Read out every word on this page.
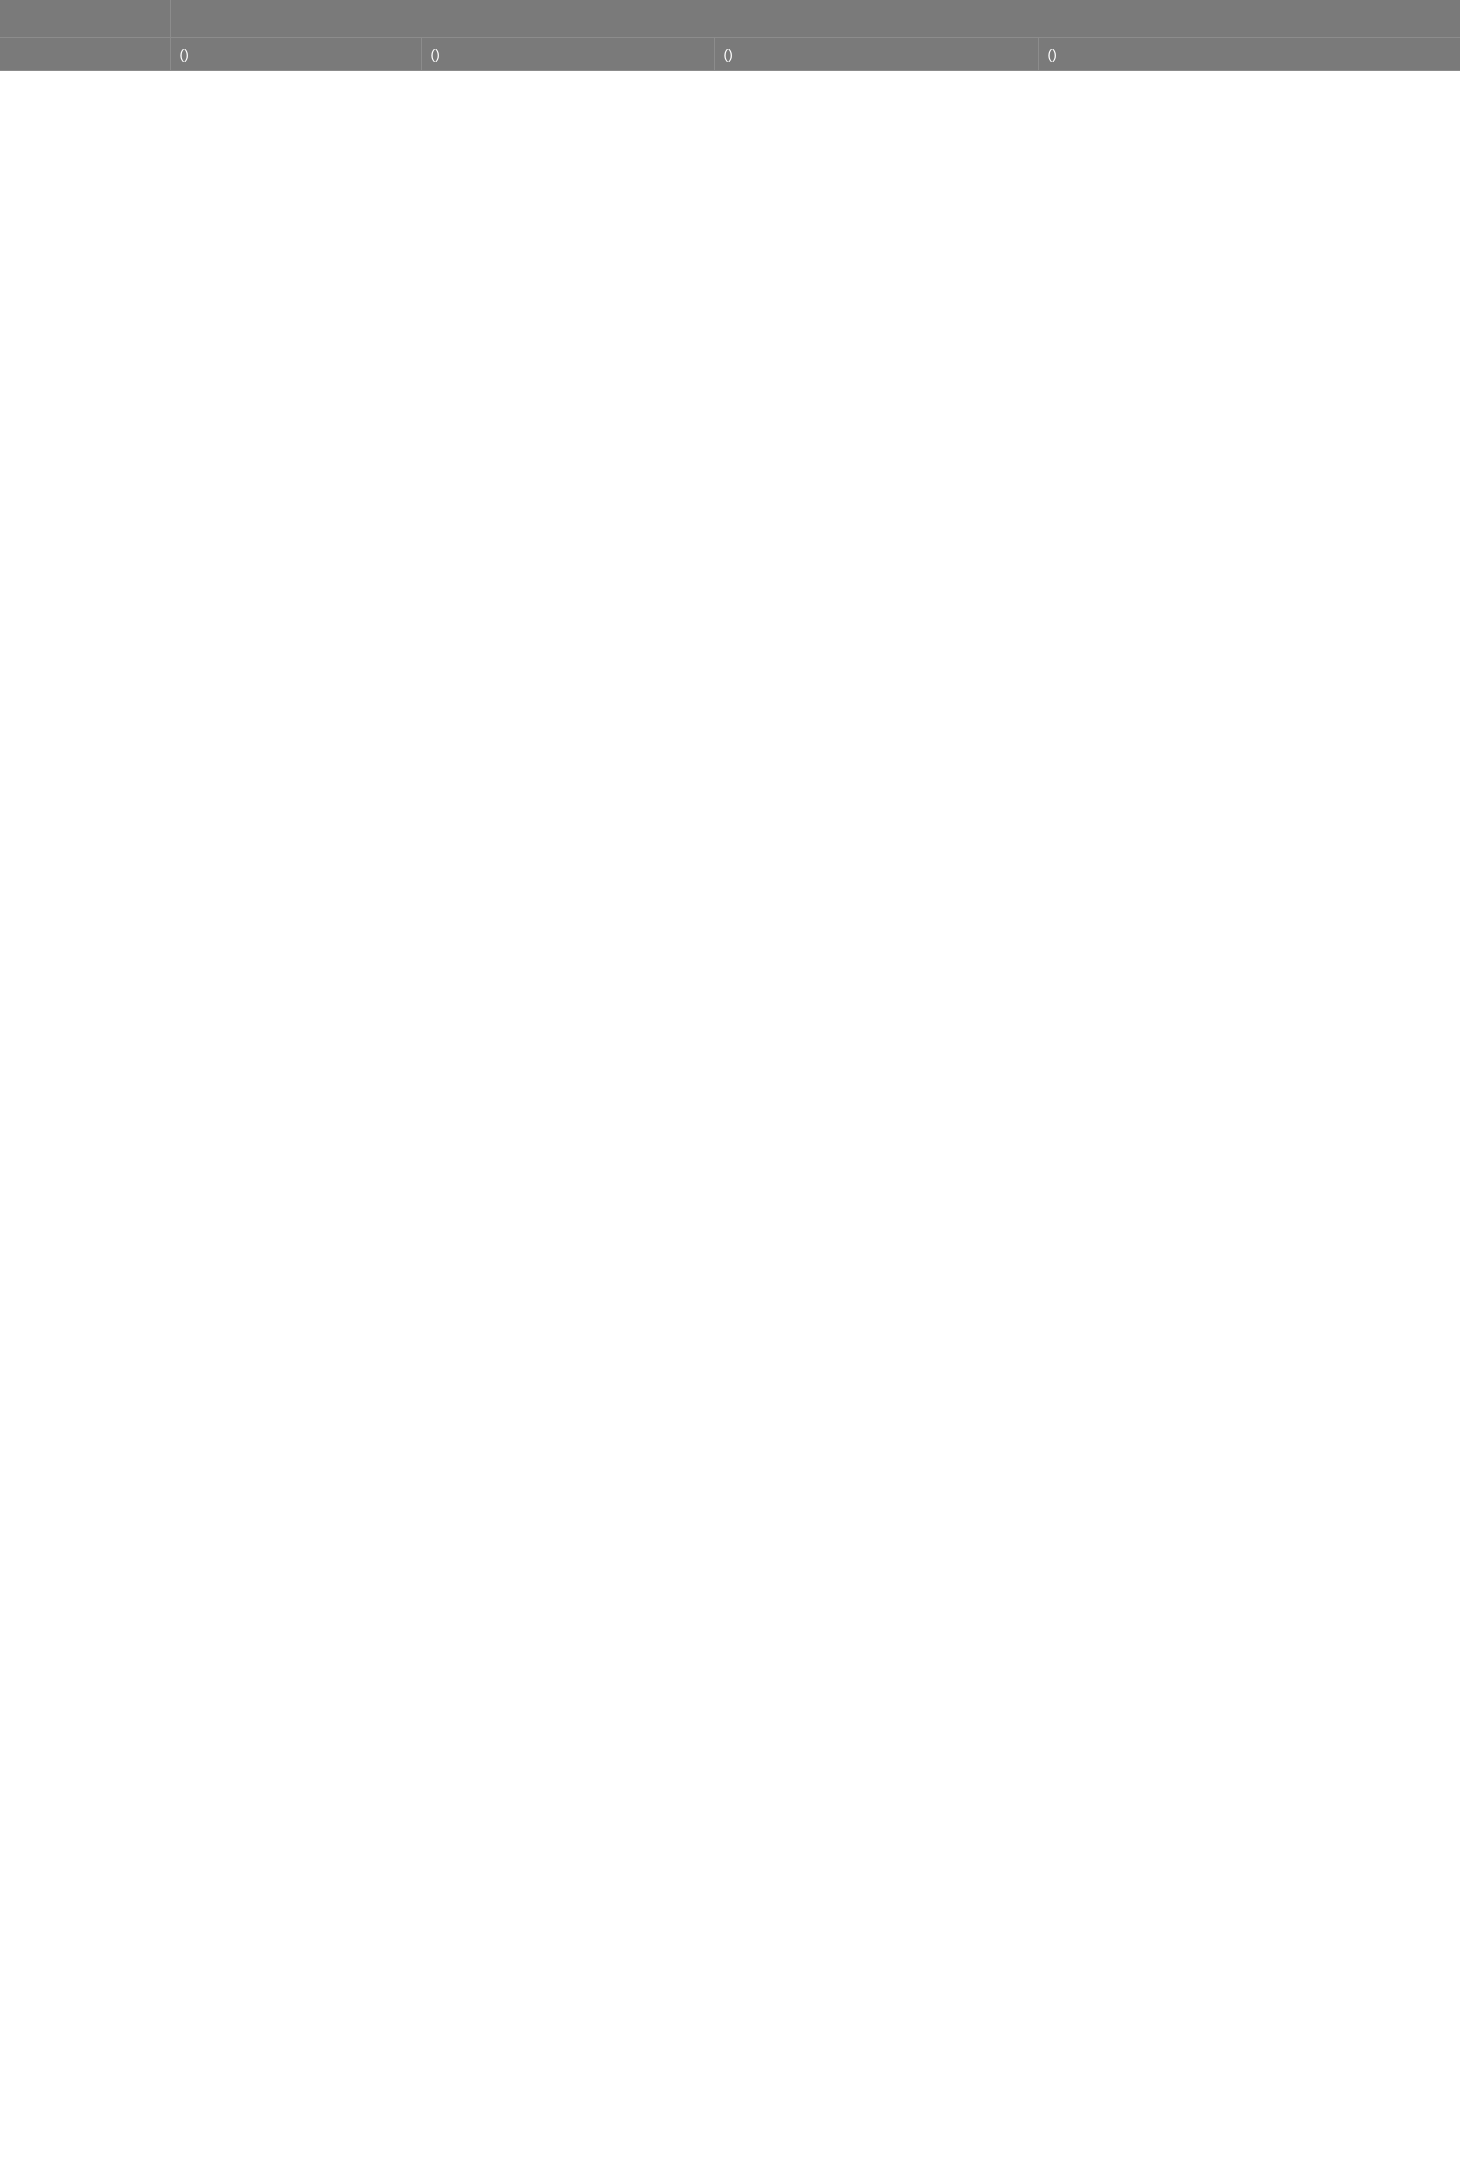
	()	()	()	()
